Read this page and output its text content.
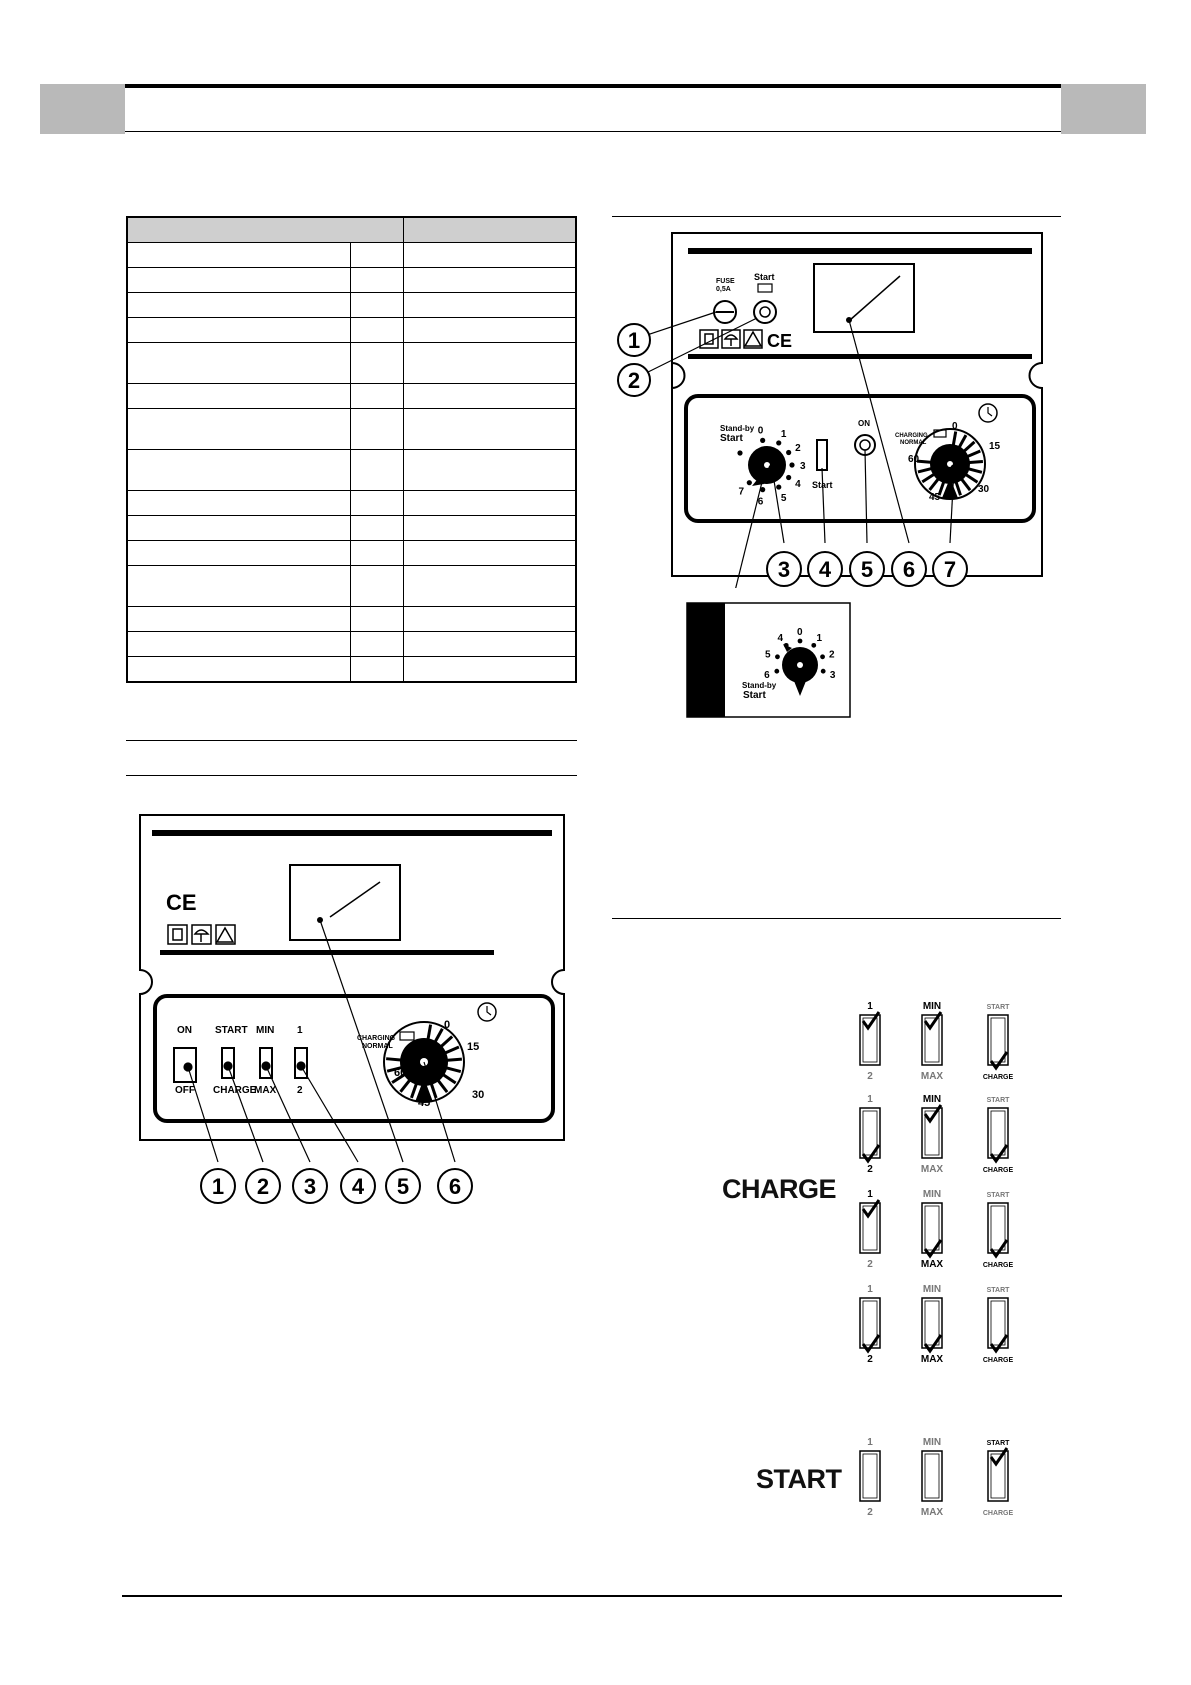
CE
ON
OFF
START
CHARGE
MIN
MAX
1
2
CHARGING
NORMAL
0
15
30
45
60
1 2 3 4 5 6
FUSE
0,5A
Start
CE
Stand-by
Start
0 1
2
3
4
5
6
7
Start
ON
CHARGING
NORMAL
0
15
30
45
60
3 4 5 6 7
1
2
0
1
2
3
4
5
6
Stand-by
Start
CHARGE
START
1
2
MIN
MAX
START
CHARGE
1
2
MIN
MAX
START
CHARGE
1
2
MIN
MAX
START
CHARGE
1
2
MIN
MAX
START
CHARGE
1
2
MIN
MAX
START
CHARGE
